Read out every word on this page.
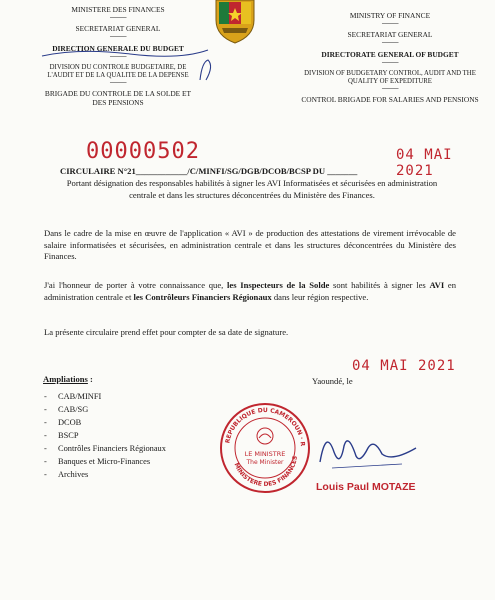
MINISTERE DES FINANCES
-----------
SECRETARIAT GENERAL
-----------
DIRECTION GENERALE DU BUDGET
-----------
DIVISION DU CONTROLE BUDGETAIRE, DE L'AUDIT ET DE LA QUALITE DE LA DEPENSE
-----------
BRIGADE DU CONTROLE DE LA SOLDE ET DES PENSIONS
MINISTRY OF FINANCE
-----------
SECRETARIAT GENERAL
-----------
DIRECTORATE GENERAL OF BUDGET
-----------
DIVISION OF BUDGETARY CONTROL, AUDIT AND THE QUALITY OF EXPEDITURE
-----------
CONTROL BRIGADE FOR SALARIES AND PENSIONS
00000502	04 MAI 2021
CIRCULAIRE N°21____________/C/MINFI/SG/DGB/DCOB/BCSP DU _______
Portant désignation des responsables habilités à signer les AVI Informatisées et sécurisées en administration centrale et dans les structures déconcentrées du Ministère des Finances.
Dans le cadre de la mise en œuvre de l'application « AVI » de production des attestations de virement irrévocable de salaire informatisées et sécurisées, en administration centrale et dans les structures déconcentrées du Ministère des Finances.
J'ai l'honneur de porter à votre connaissance que, les Inspecteurs de la Solde sont habilités à signer les AVI en administration centrale et les Contrôleurs Financiers Régionaux dans leur région respective.
La présente circulaire prend effet pour compter de sa date de signature.
04 MAI 2021
Yaoundé, le
Ampliations :
- CAB/MINFI
- CAB/SG
- DCOB
- BSCP
- Contrôles Financiers Régionaux
- Banques et Micro-Finances
- Archives
REPUBLIQUE DU CAMEROUN · R
MINISTERE DES FINANCES
LE MINISTRE
The Minister
Louis Paul MOTAZE
